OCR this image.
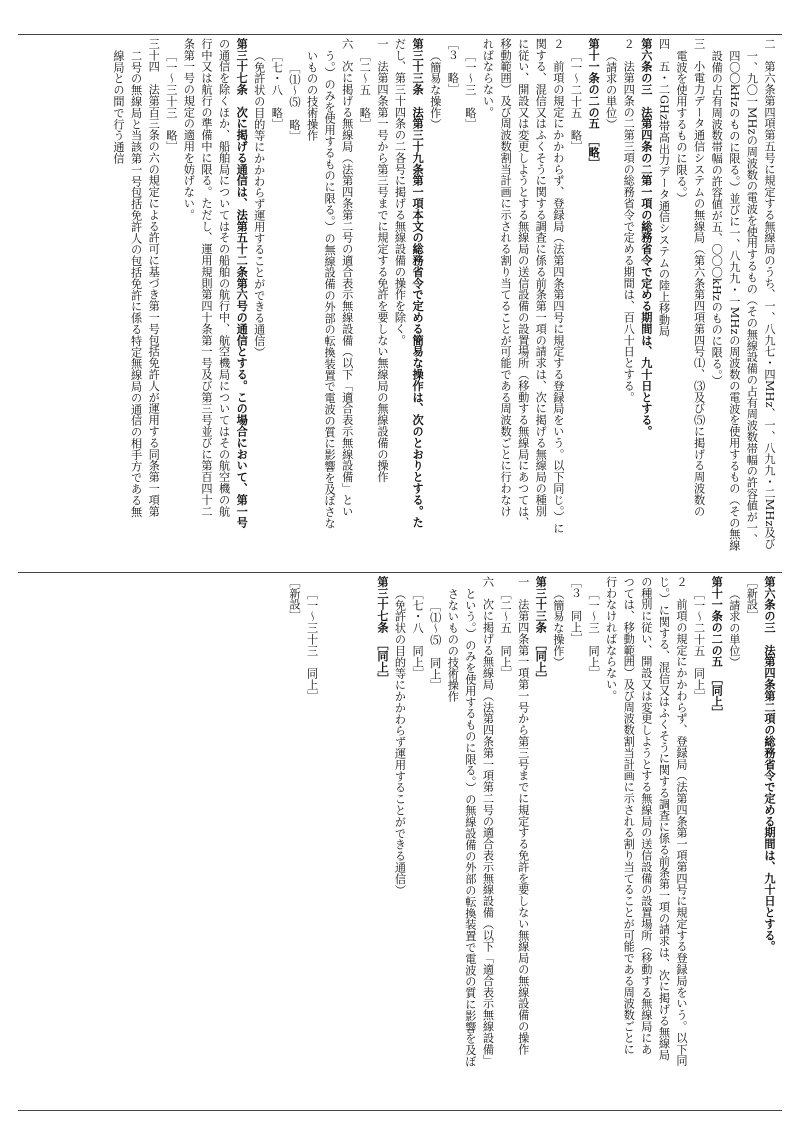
二　第六条第四項第五号に規定する無線局のうち、一、八九七・四MHz、一、八九九・二MHz及び
一、九〇一MHzの周波数の電波を使用するもの（その無線設備の占有周波数帯幅の許容値が一、
四〇〇kHzのものに限る。）並びに一、八九九・一MHzの周波数の電波を使用するもの（その無線
設備の占有周波数帯幅の許容値が五、〇〇〇kHzのものに限る。）
三　小電力データ通信システムの無線局（第六条第四項第四号⑴、⑶及び⑸に掲げる周波数の
電波を使用するものに限る。）
四　五・二GHz帯高出力データ通信システムの陸上移動局
第六条の三　法第四条の二第一項の総務省令で定める期間は、九十日とする。
２　法第四条の二第三項の総務省令で定める期間は、百八十日とする。
（請求の単位）
第十一条の二の五　［略］
［一～二十五　略］
２　前項の規定にかかわらず、登録局（法第四条第四号に規定する登録局をいう。以下同じ。）に
関する、混信又はふくそうに関する調査に係る前条第一項の請求は、次に掲げる無線局の種別
に従い、開設又は変更しようとする無線局の送信設備の設置場所（移動する無線局にあつては、
移動範囲）及び周波数割当計画に示される割り当てることが可能である周波数ごとに行わなけ
ればならない。
［一～三　略］
［３　略］
（簡易な操作）
第三十三条　法第三十九条第一項本文の総務省令で定める簡易な操作は、次のとおりとする。た
だし、第三十四条の二各号に掲げる無線設備の操作を除く。
一　法第四条第一号から第三号までに規定する免許を要しない無線局の無線設備の操作
［二～五　略］
六　次に掲げる無線局（法第四条第二号の適合表示無線設備（以下「適合表示無線設備」とい
う。）のみを使用するものに限る。）の無線設備の外部の転換装置で電波の質に影響を及ぼさな
いものの技術操作
［⑴～⑸　略］
［七・八　略］
（免許状の目的等にかかわらず運用することができる通信）
第三十七条　次に掲げる通信は、法第五十二条第六号の通信とする。この場合において、第一号
の通信を除くほか、船舶局についてはその船舶の航行中、航空機局についてはその航空機の航
行中又は航行の準備中に限る。ただし、運用規則第四十条第一号及び第三号並びに第百四十二
条第一号の規定の適用を妨げない。
［一～三十三　略］
三十四　法第百三条の六の規定による許可に基づき第一号包括免許人が運用する同条第一項第
二号の無線局と当該第一号包括免許人の包括免許に係る特定無線局の通信の相手方である無
線局との間で行う通信
第六条の三　法第四条第二項の総務省令で定める期間は、九十日とする。
［新設］
（請求の単位）
第十一条の二の五　［同上］
［一～二十五　同上］
２　前項の規定にかかわらず、登録局（法第四条第一項第四号に規定する登録局をいう。以下同
じ。）に関する、混信又はふくそうに関する調査に係る前条第一項の請求は、次に掲げる無線局
の種別に従い、開設又は変更しようとする無線局の送信設備の設置場所（移動する無線局にあ
つては、移動範囲）及び周波数割当計画に示される割り当てることが可能である周波数ごとに
行わなければならない。
［一～三　同上］
［３　同上］
（簡易な操作）
第三十三条　［同上］
一　法第四条第一項第一号から第三号までに規定する免許を要しない無線局の無線設備の操作
［二～五　同上］
六　次に掲げる無線局（法第四条第一項第二号の適合表示無線設備（以下「適合表示無線設備」
という。）のみを使用するものに限る。）の無線設備の外部の転換装置で電波の質に影響を及ぼ
さないものの技術操作
［⑴～⑸　同上］
［七・八　同上］
（免許状の目的等にかかわらず運用することができる通信）
第三十七条　［同上］

［一～三十三　同上］
［新設］
